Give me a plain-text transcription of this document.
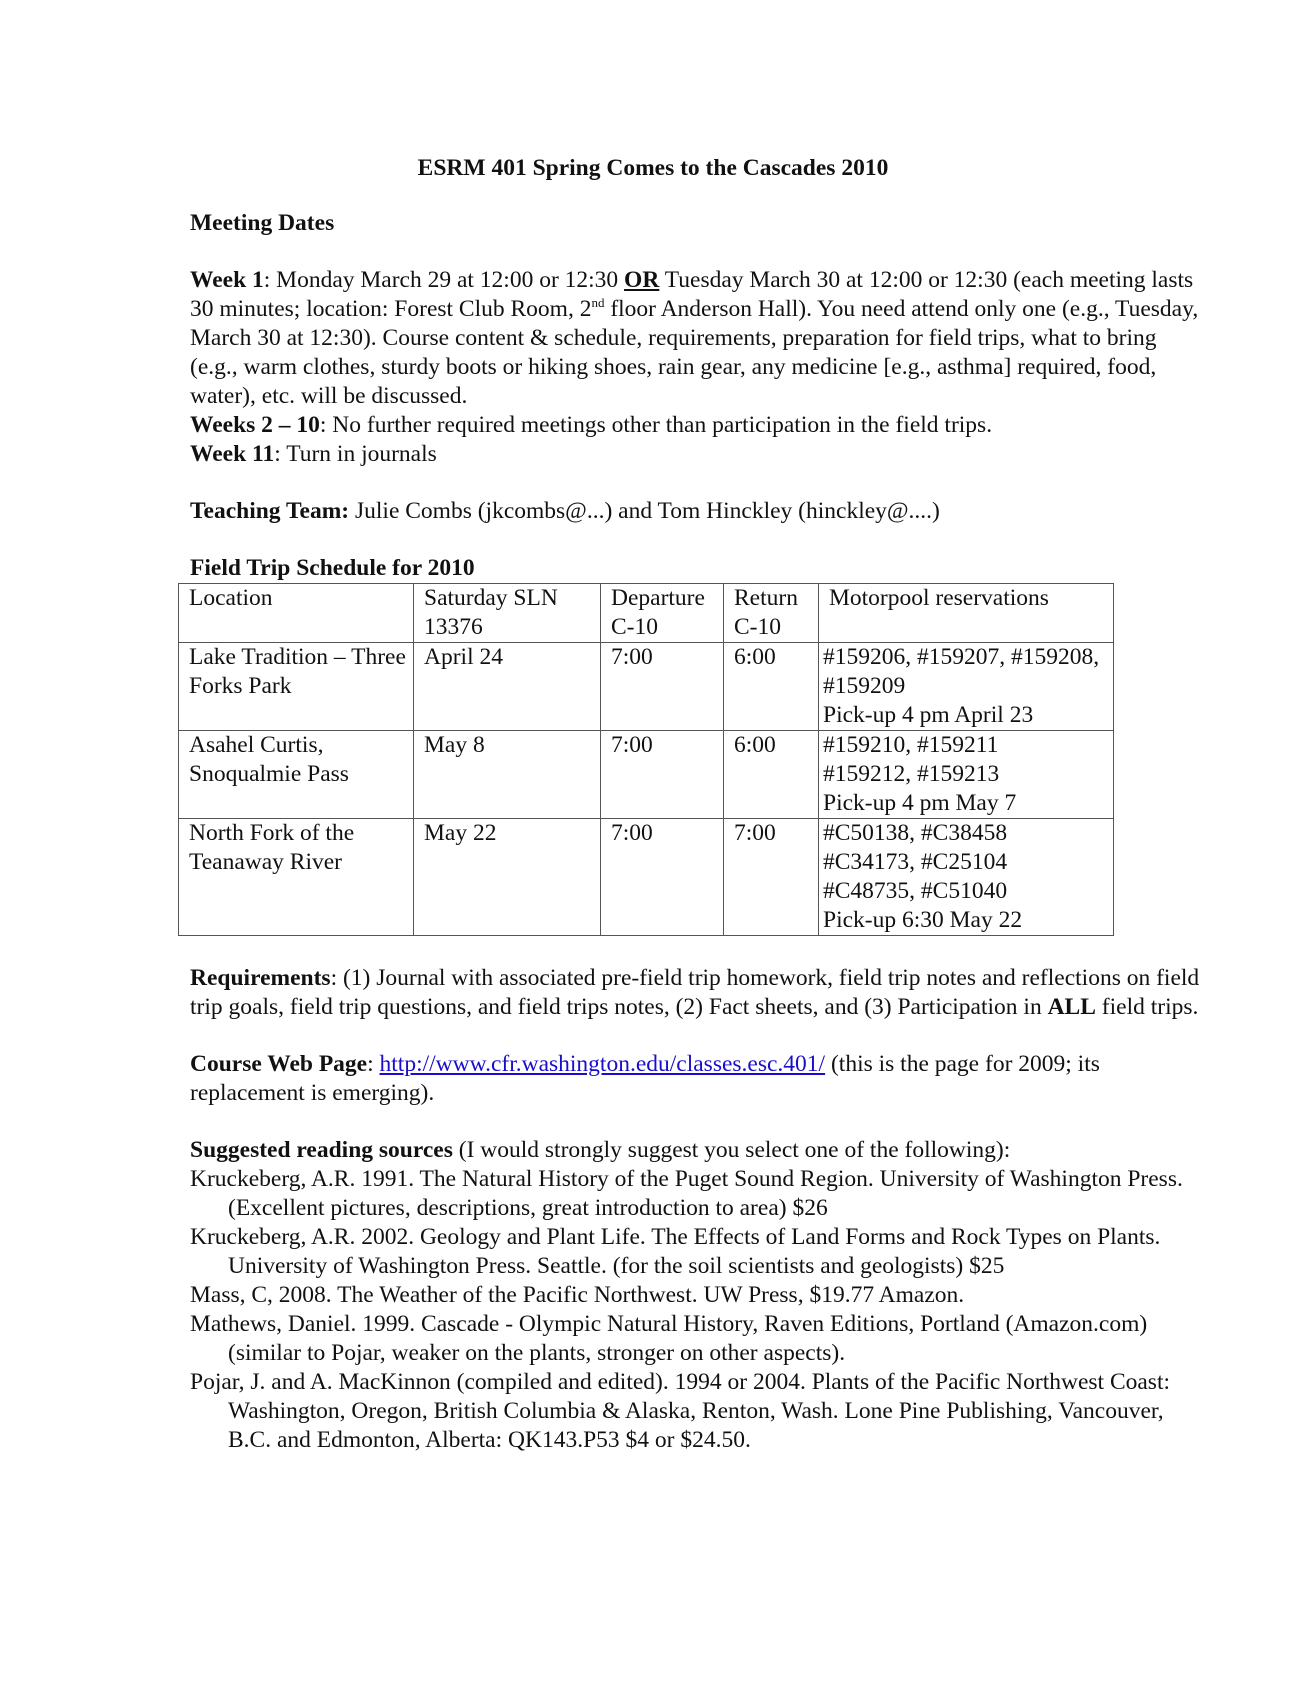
ESRM 401 Spring Comes to the Cascades 2010
Meeting Dates

Week 1: Monday March 29 at 12:00 or 12:30 OR Tuesday March 30 at 12:00 or 12:30 (each meeting lasts 30 minutes; location: Forest Club Room, 2nd floor Anderson Hall). You need attend only one (e.g., Tuesday, March 30 at 12:30). Course content & schedule, requirements, preparation for field trips, what to bring (e.g., warm clothes, sturdy boots or hiking shoes, rain gear, any medicine [e.g., asthma] required, food, water), etc. will be discussed.

Weeks 2 – 10: No further required meetings other than participation in the field trips.

Week 11: Turn in journals

Teaching Team: Julie Combs (jkcombs@...) and Tom Hinckley (hinckley@....)

Field Trip Schedule for 2010
Location	Saturday SLN 13376	Departure C-10	Return C-10	Motorpool reservations
Lake Tradition – Three Forks Park	April 24	7:00	6:00	#159206, #159207, #159208, #159209
Pick-up 4 pm April 23
Asahel Curtis, Snoqualmie Pass	May 8	7:00	6:00	#159210, #159211
#159212, #159213
Pick-up 4 pm May 7
North Fork of the Teanaway River	May 22	7:00	7:00	#C50138, #C38458
#C34173, #C25104
#C48735, #C51040
Pick-up 6:30 May 22

Requirements: (1) Journal with associated pre-field trip homework, field trip notes and reflections on field trip goals, field trip questions, and field trips notes, (2) Fact sheets, and (3) Participation in ALL field trips.

Course Web Page: http://www.cfr.washington.edu/classes.esc.401/ (this is the page for 2009; its replacement is emerging).

Suggested reading sources (I would strongly suggest you select one of the following):

Kruckeberg, A.R. 1991. The Natural History of the Puget Sound Region. University of Washington Press. (Excellent pictures, descriptions, great introduction to area) $26

Kruckeberg, A.R. 2002. Geology and Plant Life. The Effects of Land Forms and Rock Types on Plants. University of Washington Press. Seattle. (for the soil scientists and geologists) $25

Mass, C, 2008. The Weather of the Pacific Northwest. UW Press, $19.77 Amazon.

Mathews, Daniel. 1999. Cascade - Olympic Natural History, Raven Editions, Portland (Amazon.com) (similar to Pojar, weaker on the plants, stronger on other aspects).

Pojar, J. and A. MacKinnon (compiled and edited). 1994 or 2004. Plants of the Pacific Northwest Coast: Washington, Oregon, British Columbia & Alaska, Renton, Wash. Lone Pine Publishing, Vancouver, B.C. and Edmonton, Alberta: QK143.P53 $4 or $24.50.
